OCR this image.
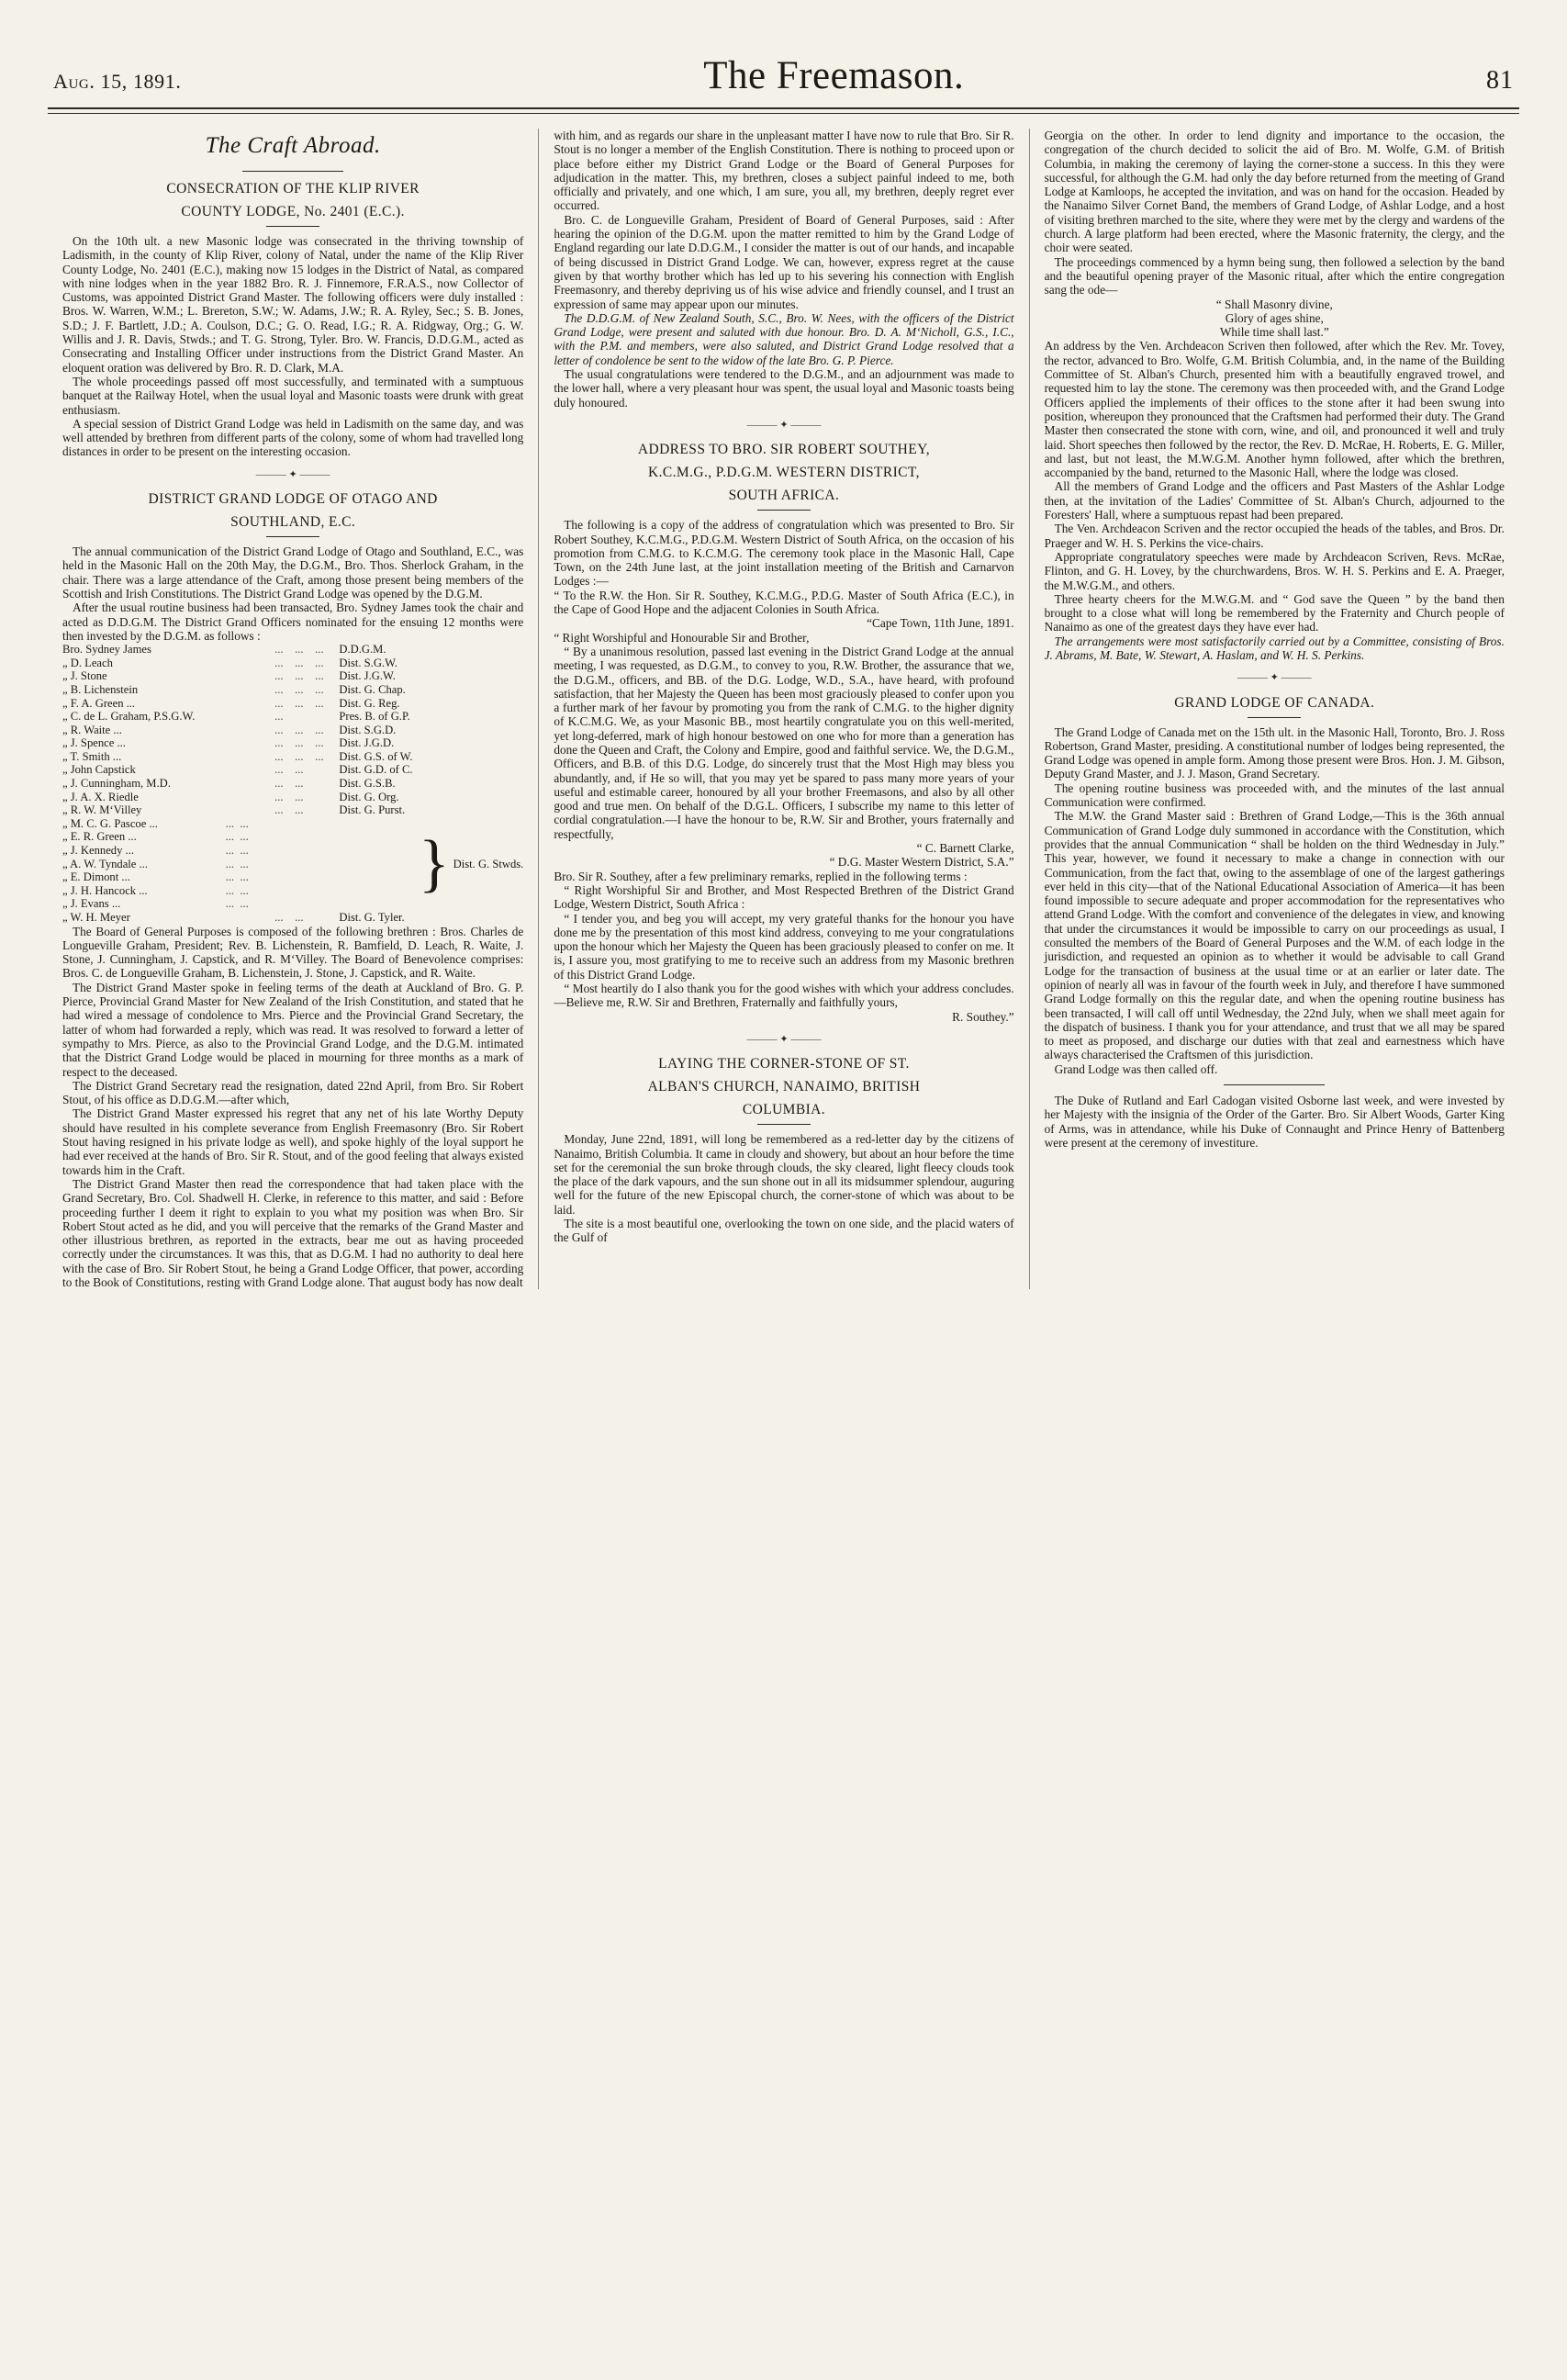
Aug. 15, 1891.	The Freemason.	81
The Craft Abroad.
CONSECRATION OF THE KLIP RIVER
COUNTY LODGE, No. 2401 (E.C.).

On the 10th ult. a new Masonic lodge was consecrated in the thriving township of Ladismith, in the county of Klip River, colony of Natal, under the name of the Klip River County Lodge, No. 2401 (E.C.), making now 15 lodges in the District of Natal, as compared with nine lodges when in the year 1882 Bro. R. J. Finnemore, F.R.A.S., now Collector of Customs, was appointed District Grand Master. The following officers were duly installed : Bros. W. Warren, W.M.; L. Brereton, S.W.; W. Adams, J.W.; R. A. Ryley, Sec.; S. B. Jones, S.D.; J. F. Bartlett, J.D.; A. Coulson, D.C.; G. O. Read, I.G.; R. A. Ridgway, Org.; G. W. Willis and J. R. Davis, Stwds.; and T. G. Strong, Tyler. Bro. W. Francis, D.D.G.M., acted as Consecrating and Installing Officer under instructions from the District Grand Master. An eloquent oration was delivered by Bro. R. D. Clark, M.A.

The whole proceedings passed off most successfully, and terminated with a sumptuous banquet at the Railway Hotel, when the usual loyal and Masonic toasts were drunk with great enthusiasm.

A special session of District Grand Lodge was held in Ladismith on the same day, and was well attended by brethren from different parts of the colony, some of whom had travelled long distances in order to be present on the interesting occasion.

——— ✦ ———
DISTRICT GRAND LODGE OF OTAGO AND
SOUTHLAND, E.C.

The annual communication of the District Grand Lodge of Otago and Southland, E.C., was held in the Masonic Hall on the 20th May, the D.G.M., Bro. Thos. Sherlock Graham, in the chair. There was a large attendance of the Craft, among those present being members of the Scottish and Irish Constitutions. The District Grand Lodge was opened by the D.G.M.

After the usual routine business had been transacted, Bro. Sydney James took the chair and acted as D.D.G.M. The District Grand Officers nominated for the ensuing 12 months were then invested by the D.G.M. as follows :

Bro. Sydney James	...    ...    ...	D.D.G.M.
„ D. Leach	...    ...    ...	Dist. S.G.W.
„ J. Stone	...    ...    ...	Dist. J.G.W.
„ B. Lichenstein	...    ...    ...	Dist. G. Chap.
„ F. A. Green ...	...    ...    ...	Dist. G. Reg.
„ C. de L. Graham, P.S.G.W.	...	Pres. B. of G.P.
„ R. Waite ...	...    ...    ...	Dist. S.G.D.
„ J. Spence ...	...    ...    ...	Dist. J.G.D.
„ T. Smith ...	...    ...    ...	Dist. G.S. of W.
„ John Capstick	...    ...	Dist. G.D. of C.
„ J. Cunningham, M.D.	...    ...	Dist. G.S.B.
„ J. A. X. Riedle	...    ...	Dist. G. Org.
„ R. W. M‘Villey	...    ...	Dist. G. Purst.
„ M. C. G. Pascoe ...	...  ...
„ E. R. Green ...	...  ...
„ J. Kennedy ...	...  ...
„ A. W. Tyndale ...	...  ...
„ E. Dimont ...	...  ...
„ J. H. Hancock ...	...  ...
„ J. Evans ...	...  ...
} Dist. G. Stwds.
„ W. H. Meyer	...    ...	Dist. G. Tyler.

The Board of General Purposes is composed of the following brethren : Bros. Charles de Longueville Graham, President; Rev. B. Lichenstein, R. Bamfield, D. Leach, R. Waite, J. Stone, J. Cunningham, J. Capstick, and R. M‘Villey. The Board of Benevolence comprises: Bros. C. de Longueville Graham, B. Lichenstein, J. Stone, J. Capstick, and R. Waite.

The District Grand Master spoke in feeling terms of the death at Auckland of Bro. G. P. Pierce, Provincial Grand Master for New Zealand of the Irish Constitution, and stated that he had wired a message of condolence to Mrs. Pierce and the Provincial Grand Secretary, the latter of whom had forwarded a reply, which was read. It was resolved to forward a letter of sympathy to Mrs. Pierce, as also to the Provincial Grand Lodge, and the D.G.M. intimated that the District Grand Lodge would be placed in mourning for three months as a mark of respect to the deceased.

The District Grand Secretary read the resignation, dated 22nd April, from Bro. Sir Robert Stout, of his office as D.D.G.M.—after which,

The District Grand Master expressed his regret that any net of his late Worthy Deputy should have resulted in his complete severance from English Freemasonry (Bro. Sir Robert Stout having resigned in his private lodge as well), and spoke highly of the loyal support he had ever received at the hands of Bro. Sir R. Stout, and of the good feeling that always existed towards him in the Craft.

The District Grand Master then read the correspondence that had taken place with the Grand Secretary, Bro. Col. Shadwell H. Clerke, in reference to this matter, and said : Before proceeding further I deem it right to explain to you what my position was when Bro. Sir Robert Stout acted as he did, and you will perceive that the remarks of the Grand Master and other illustrious brethren, as reported in the extracts, bear me out as having proceeded correctly under the circumstances. It was this, that as D.G.M. I had no authority to deal here with the case of Bro. Sir Robert Stout, he being a Grand Lodge Officer, that power, according to the Book of Constitutions, resting with Grand Lodge alone. That august body has now dealt

with him, and as regards our share in the unpleasant matter I have now to rule that Bro. Sir R. Stout is no longer a member of the English Constitution. There is nothing to proceed upon or place before either my District Grand Lodge or the Board of General Purposes for adjudication in the matter. This, my brethren, closes a subject painful indeed to me, both officially and privately, and one which, I am sure, you all, my brethren, deeply regret ever occurred.

Bro. C. de Longueville Graham, President of Board of General Purposes, said : After hearing the opinion of the D.G.M. upon the matter remitted to him by the Grand Lodge of England regarding our late D.D.G.M., I consider the matter is out of our hands, and incapable of being discussed in District Grand Lodge. We can, however, express regret at the cause given by that worthy brother which has led up to his severing his connection with English Freemasonry, and thereby depriving us of his wise advice and friendly counsel, and I trust an expression of same may appear upon our minutes.

The D.D.G.M. of New Zealand South, S.C., Bro. W. Nees, with the officers of the District Grand Lodge, were present and saluted with due honour. Bro. D. A. M‘Nicholl, G.S., I.C., with the P.M. and members, were also saluted, and District Grand Lodge resolved that a letter of condolence be sent to the widow of the late Bro. G. P. Pierce.

The usual congratulations were tendered to the D.G.M., and an adjournment was made to the lower hall, where a very pleasant hour was spent, the usual loyal and Masonic toasts being duly honoured.

——— ✦ ———
ADDRESS TO BRO. SIR ROBERT SOUTHEY,
K.C.M.G., P.D.G.M. WESTERN DISTRICT,
SOUTH AFRICA.

The following is a copy of the address of congratulation which was presented to Bro. Sir Robert Southey, K.C.M.G., P.D.G.M. Western District of South Africa, on the occasion of his promotion from C.M.G. to K.C.M.G. The ceremony took place in the Masonic Hall, Cape Town, on the 24th June last, at the joint installation meeting of the British and Carnarvon Lodges :—

“ To the R.W. the Hon. Sir R. Southey, K.C.M.G., P.D.G. Master of South Africa (E.C.), in the Cape of Good Hope and the adjacent Colonies in South Africa.

“Cape Town, 11th June, 1891.

“ Right Worshipful and Honourable Sir and Brother,

“ By a unanimous resolution, passed last evening in the District Grand Lodge at the annual meeting, I was requested, as D.G.M., to convey to you, R.W. Brother, the assurance that we, the D.G.M., officers, and BB. of the D.G. Lodge, W.D., S.A., have heard, with profound satisfaction, that her Majesty the Queen has been most graciously pleased to confer upon you a further mark of her favour by promoting you from the rank of C.M.G. to the higher dignity of K.C.M.G. We, as your Masonic BB., most heartily congratulate you on this well-merited, yet long-deferred, mark of high honour bestowed on one who for more than a generation has done the Queen and Craft, the Colony and Empire, good and faithful service. We, the D.G.M., Officers, and B.B. of this D.G. Lodge, do sincerely trust that the Most High may bless you abundantly, and, if He so will, that you may yet be spared to pass many more years of your useful and estimable career, honoured by all your brother Freemasons, and also by all other good and true men. On behalf of the D.G.L. Officers, I subscribe my name to this letter of cordial congratulation.—I have the honour to be, R.W. Sir and Brother, yours fraternally and respectfully,

“ C. Barnett Clarke,

“ D.G. Master Western District, S.A.”

Bro. Sir R. Southey, after a few preliminary remarks, replied in the following terms :

“ Right Worshipful Sir and Brother, and Most Respected Brethren of the District Grand Lodge, Western District, South Africa :

“ I tender you, and beg you will accept, my very grateful thanks for the honour you have done me by the presentation of this most kind address, conveying to me your congratulations upon the honour which her Majesty the Queen has been graciously pleased to confer on me. It is, I assure you, most gratifying to me to receive such an address from my Masonic brethren of this District Grand Lodge.

“ Most heartily do I also thank you for the good wishes with which your address concludes.—Believe me, R.W. Sir and Brethren, Fraternally and faithfully yours,

R. Southey.”

——— ✦ ———
LAYING THE CORNER-STONE OF ST.
ALBAN'S CHURCH, NANAIMO, BRITISH
COLUMBIA.

Monday, June 22nd, 1891, will long be remembered as a red-letter day by the citizens of Nanaimo, British Columbia. It came in cloudy and showery, but about an hour before the time set for the ceremonial the sun broke through clouds, the sky cleared, light fleecy clouds took the place of the dark vapours, and the sun shone out in all its midsummer splendour, auguring well for the future of the new Episcopal church, the corner-stone of which was about to be laid.

The site is a most beautiful one, overlooking the town on one side, and the placid waters of the Gulf of

Georgia on the other. In order to lend dignity and importance to the occasion, the congregation of the church decided to solicit the aid of Bro. M. Wolfe, G.M. of British Columbia, in making the ceremony of laying the corner-stone a success. In this they were successful, for although the G.M. had only the day before returned from the meeting of Grand Lodge at Kamloops, he accepted the invitation, and was on hand for the occasion. Headed by the Nanaimo Silver Cornet Band, the members of Grand Lodge, of Ashlar Lodge, and a host of visiting brethren marched to the site, where they were met by the clergy and wardens of the church. A large platform had been erected, where the Masonic fraternity, the clergy, and the choir were seated.

The proceedings commenced by a hymn being sung, then followed a selection by the band and the beautiful opening prayer of the Masonic ritual, after which the entire congregation sang the ode—

“ Shall Masonry divine,

Glory of ages shine,

While time shall last.”

An address by the Ven. Archdeacon Scriven then followed, after which the Rev. Mr. Tovey, the rector, advanced to Bro. Wolfe, G.M. British Columbia, and, in the name of the Building Committee of St. Alban's Church, presented him with a beautifully engraved trowel, and requested him to lay the stone. The ceremony was then proceeded with, and the Grand Lodge Officers applied the implements of their offices to the stone after it had been swung into position, whereupon they pronounced that the Craftsmen had performed their duty. The Grand Master then consecrated the stone with corn, wine, and oil, and pronounced it well and truly laid. Short speeches then followed by the rector, the Rev. D. McRae, H. Roberts, E. G. Miller, and last, but not least, the M.W.G.M. Another hymn followed, after which the brethren, accompanied by the band, returned to the Masonic Hall, where the lodge was closed.

All the members of Grand Lodge and the officers and Past Masters of the Ashlar Lodge then, at the invitation of the Ladies' Committee of St. Alban's Church, adjourned to the Foresters' Hall, where a sumptuous repast had been prepared.

The Ven. Archdeacon Scriven and the rector occupied the heads of the tables, and Bros. Dr. Praeger and W. H. S. Perkins the vice-chairs.

Appropriate congratulatory speeches were made by Archdeacon Scriven, Revs. McRae, Flinton, and G. H. Lovey, by the churchwardens, Bros. W. H. S. Perkins and E. A. Praeger, the M.W.G.M., and others.

Three hearty cheers for the M.W.G.M. and “ God save the Queen ” by the band then brought to a close what will long be remembered by the Fraternity and Church people of Nanaimo as one of the greatest days they have ever had.

The arrangements were most satisfactorily carried out by a Committee, consisting of Bros. J. Abrams, M. Bate, W. Stewart, A. Haslam, and W. H. S. Perkins.

——— ✦ ———
GRAND LODGE OF CANADA.

The Grand Lodge of Canada met on the 15th ult. in the Masonic Hall, Toronto, Bro. J. Ross Robertson, Grand Master, presiding. A constitutional number of lodges being represented, the Grand Lodge was opened in ample form. Among those present were Bros. Hon. J. M. Gibson, Deputy Grand Master, and J. J. Mason, Grand Secretary.

The opening routine business was proceeded with, and the minutes of the last annual Communication were confirmed.

The M.W. the Grand Master said : Brethren of Grand Lodge,—This is the 36th annual Communication of Grand Lodge duly summoned in accordance with the Constitution, which provides that the annual Communication “ shall be holden on the third Wednesday in July.” This year, however, we found it necessary to make a change in connection with our Communication, from the fact that, owing to the assemblage of one of the largest gatherings ever held in this city—that of the National Educational Association of America—it has been found impossible to secure adequate and proper accommodation for the representatives who attend Grand Lodge. With the comfort and convenience of the delegates in view, and knowing that under the circumstances it would be impossible to carry on our proceedings as usual, I consulted the members of the Board of General Purposes and the W.M. of each lodge in the jurisdiction, and requested an opinion as to whether it would be advisable to call Grand Lodge for the transaction of business at the usual time or at an earlier or later date. The opinion of nearly all was in favour of the fourth week in July, and therefore I have summoned Grand Lodge formally on this the regular date, and when the opening routine business has been transacted, I will call off until Wednesday, the 22nd July, when we shall meet again for the dispatch of business. I thank you for your attendance, and trust that we all may be spared to meet as proposed, and discharge our duties with that zeal and earnestness which have always characterised the Craftsmen of this jurisdiction.

Grand Lodge was then called off.

The Duke of Rutland and Earl Cadogan visited Osborne last week, and were invested by her Majesty with the insignia of the Order of the Garter. Bro. Sir Albert Woods, Garter King of Arms, was in attendance, while his Duke of Connaught and Prince Henry of Battenberg were present at the ceremony of investiture.
